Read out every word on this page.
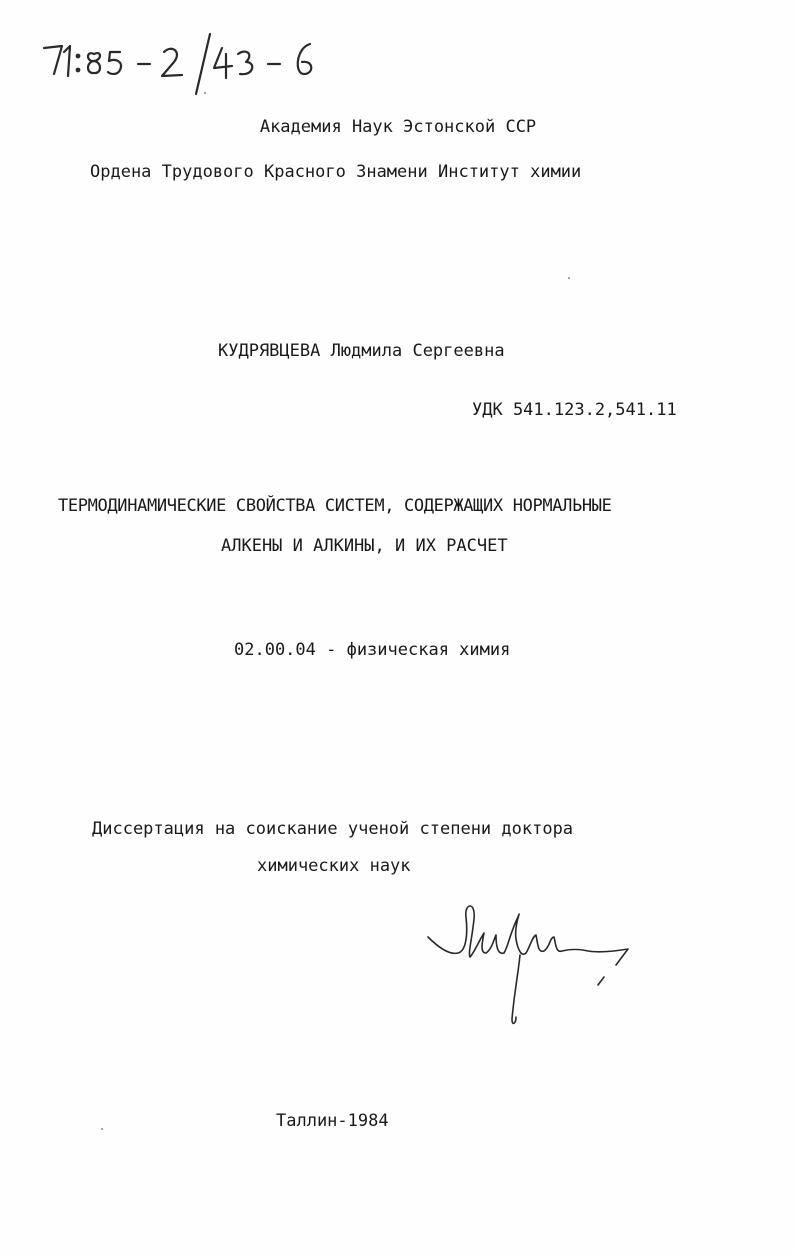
Академия Наук Эстонской ССР
Ордена Трудового Красного Знамени Институт химии
КУДРЯВЦЕВА Людмила Сергеевна
УДК 541.123.2,541.11
ТЕРМОДИНАМИЧЕСКИЕ СВОЙСТВА СИСТЕМ, СОДЕРЖАЩИХ НОРМАЛЬНЫЕ
АЛКЕНЫ И АЛКИНЫ, И ИХ РАСЧЕТ
02.00.04 - физическая химия
Диссертация на соискание ученой степени доктора
химических наук
Таллин-1984
